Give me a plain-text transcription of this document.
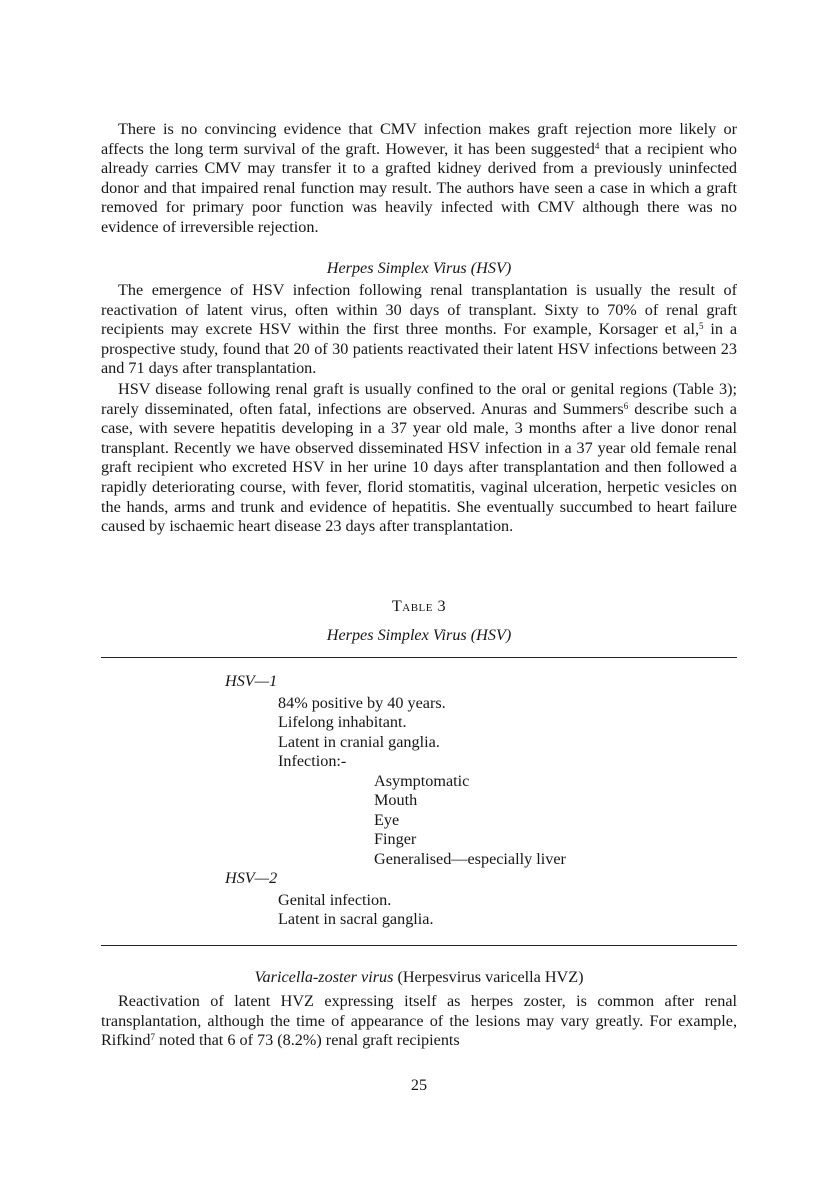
There is no convincing evidence that CMV infection makes graft rejection more likely or affects the long term survival of the graft. However, it has been suggested$^4$ that a recipient who already carries CMV may transfer it to a grafted kidney derived from a previously uninfected donor and that impaired renal function may result. The authors have seen a case in which a graft removed for primary poor function was heavily infected with CMV although there was no evidence of irreversible rejection.

Herpes Simplex Virus (HSV)

The emergence of HSV infection following renal transplantation is usually the result of reactivation of latent virus, often within 30 days of transplant. Sixty to 70% of renal graft recipients may excrete HSV within the first three months. For example, Korsager et al,$^5$ in a prospective study, found that 20 of 30 patients reactivated their latent HSV infections between 23 and 71 days after transplantation.

HSV disease following renal graft is usually confined to the oral or genital regions (Table 3); rarely disseminated, often fatal, infections are observed. Anuras and Summers$^6$ describe such a case, with severe hepatitis developing in a 37 year old male, 3 months after a live donor renal transplant. Recently we have observed disseminated HSV infection in a 37 year old female renal graft recipient who excreted HSV in her urine 10 days after transplantation and then followed a rapidly deteriorating course, with fever, florid stomatitis, vaginal ulceration, herpetic vesicles on the hands, arms and trunk and evidence of hepatitis. She eventually succumbed to heart failure caused by ischaemic heart disease 23 days after transplantation.

Table 3
Herpes Simplex Virus (HSV)
HSV—1
84% positive by 40 years.
Lifelong inhabitant.
Latent in cranial ganglia.
Infection:-
Asymptomatic
Mouth
Eye
Finger
Generalised—especially liver
HSV—2
Genital infection.
Latent in sacral ganglia.
Varicella-zoster virus (Herpesvirus varicella HVZ)

Reactivation of latent HVZ expressing itself as herpes zoster, is common after renal transplantation, although the time of appearance of the lesions may vary greatly. For example, Rifkind$^7$ noted that 6 of 73 (8.2%) renal graft recipients

25
